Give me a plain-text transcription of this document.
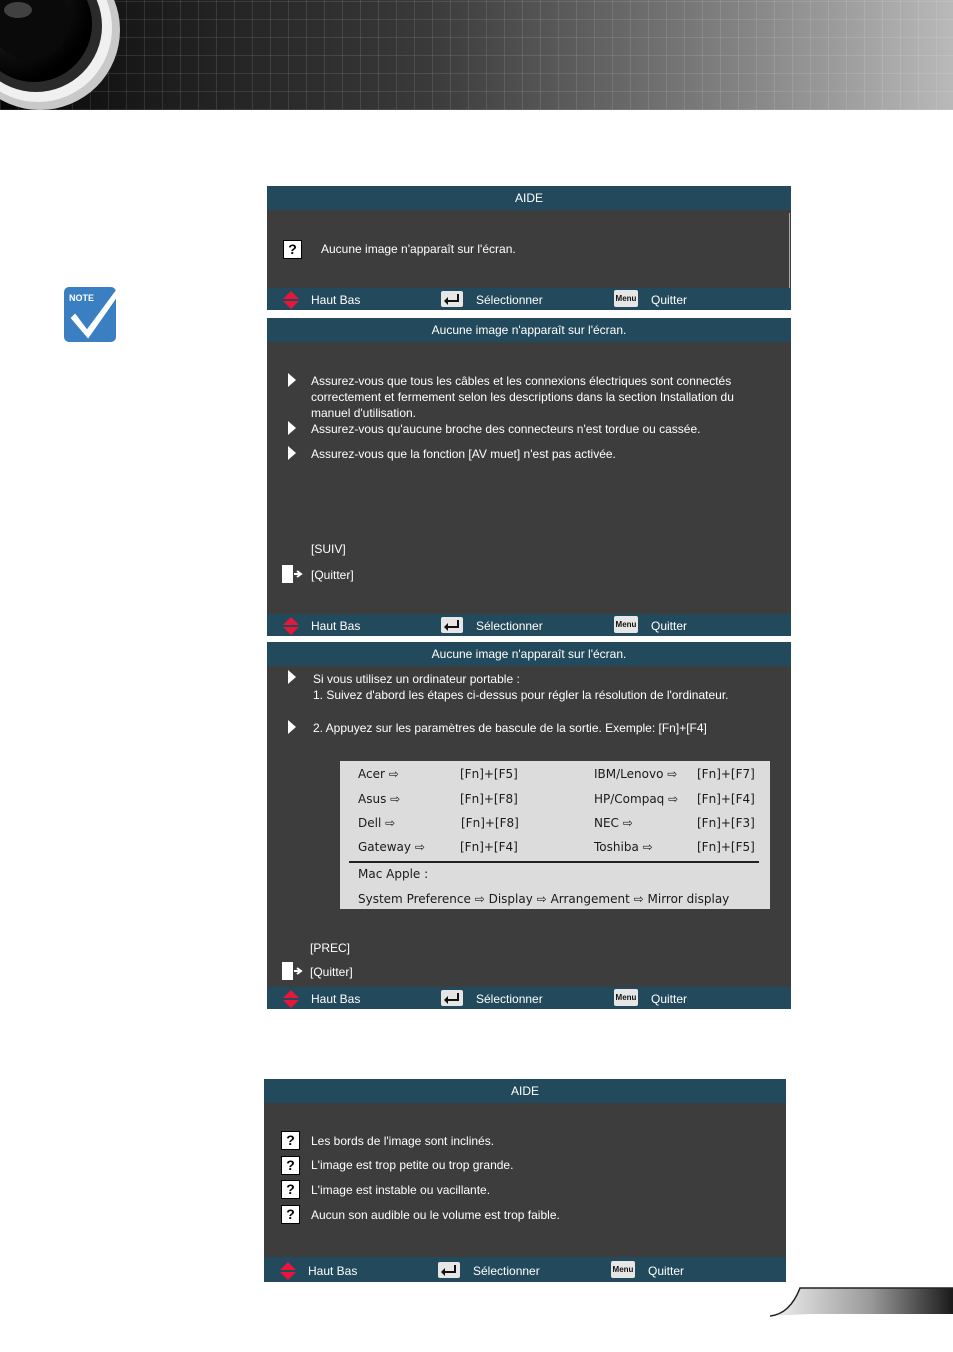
NOTE
AIDE
?	Aucune image n'apparaît sur l'écran.
Haut Bas	Sélectionner	Menu Quitter
Aucune image n'apparaît sur l'écran.
Assurez-vous que tous les câbles et les connexions électriques sont connectés
correctement et fermement selon les descriptions dans la section Installation du
manuel d'utilisation.
Assurez-vous qu'aucune broche des connecteurs n'est tordue ou cassée.
Assurez-vous que la fonction [AV muet] n'est pas activée.
[SUIV]
[Quitter]
Haut Bas	Sélectionner	Menu Quitter
Aucune image n'apparaît sur l'écran.
Si vous utilisez un ordinateur portable :
1. Suivez d'abord les étapes ci-dessus pour régler la résolution de l'ordinateur.
2. Appuyez sur les paramètres de bascule de la sortie. Exemple: [Fn]+[F4]
Acer ⇨	[Fn]+[F5]	IBM/Lenovo ⇨ [Fn]+[F7]
Asus ⇨	[Fn]+[F8]	HP/Compaq ⇨ [Fn]+[F4]
Dell ⇨	[Fn]+[F8]	NEC ⇨	[Fn]+[F3]
Gateway ⇨	[Fn]+[F4]	Toshiba ⇨	[Fn]+[F5]
Mac Apple :
System Preference ⇨ Display ⇨ Arrangement ⇨ Mirror display
[PREC]
[Quitter]
Haut Bas	Sélectionner	Menu Quitter
AIDE
?	Les bords de l'image sont inclinés.
?	L'image est trop petite ou trop grande.
?	L'image est instable ou vacillante.
?	Aucun son audible ou le volume est trop faible.
Haut Bas	Sélectionner	Menu Quitter
